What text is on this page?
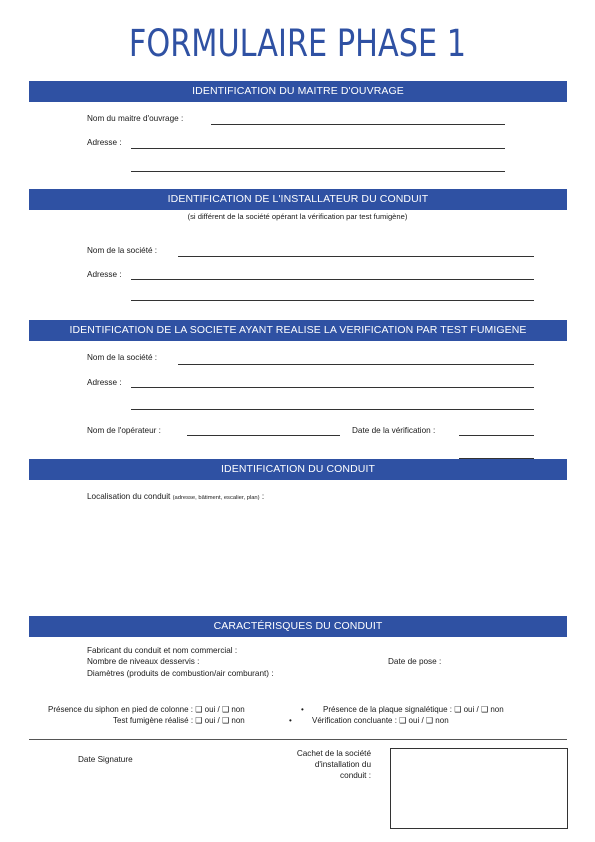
FORMULAIRE PHASE 1
IDENTIFICATION DU MAITRE D'OUVRAGE
Nom du maitre d'ouvrage :
Adresse :
IDENTIFICATION DE L'INSTALLATEUR DU CONDUIT
(si différent de la société opérant la vérification par test fumigène)
Nom de la société :
Adresse :
IDENTIFICATION DE LA SOCIETE AYANT REALISE LA VERIFICATION PAR TEST FUMIGENE
Nom de la société :
Adresse :
Nom de l'opérateur :	Date de la vérification :
IDENTIFICATION DU CONDUIT
Localisation du conduit (adresse, bâtiment, escalier, plan) :
CARACTÉRISQUES DU CONDUIT
Fabricant du conduit et nom commercial :
Nombre de niveaux desservis :	Date de pose :
Diamètres (produits de combustion/air comburant) :
Présence du siphon en pied de colonne : ❑ oui / ❑ non	• Présence de la plaque signalétique : ❑ oui / ❑ non
Test fumigène réalisé : ❑ oui / ❑ non	•	Vérification concluante : ❑ oui / ❑ non
Date Signature
Cachet de la société
d'installation du
conduit :
